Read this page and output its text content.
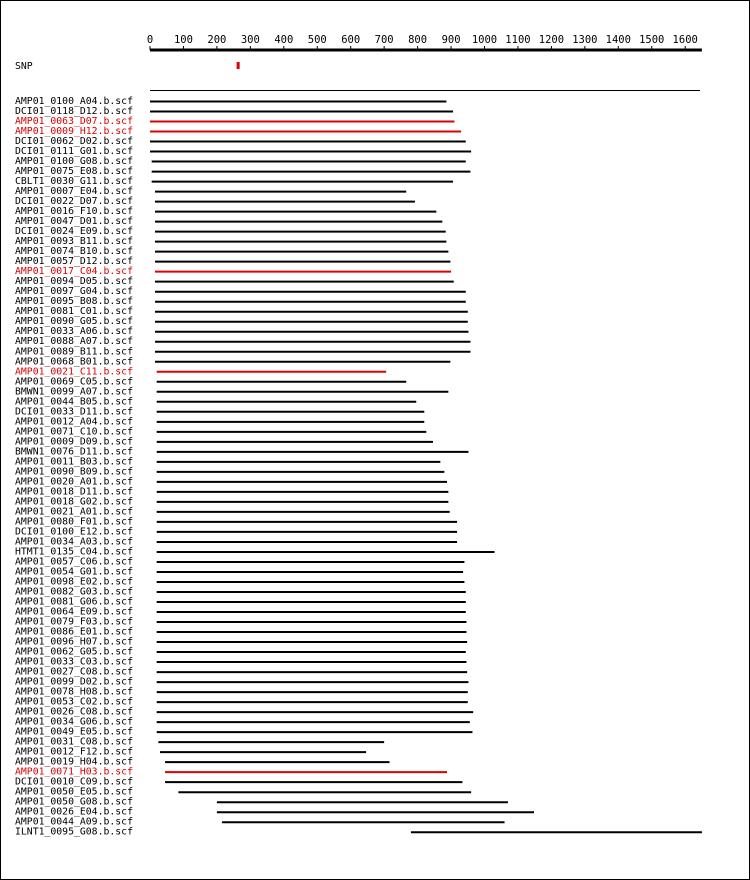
0 100 200 300 400 500 600 700 800 900 1000 1100 1200 1300 1400 1500 1600
SNP
AMP01_0100_A04.b.scf
DCI01_0118_D12.b.scf
AMP01_0063_D07.b.scf
AMP01_0009_H12.b.scf
DCI01_0062_D02.b.scf
DCI01_0111_G01.b.scf
AMP01_0100_G08.b.scf
AMP01_0075_E08.b.scf
CBLT1_0030_G11.b.scf
AMP01_0007_E04.b.scf
DCI01_0022_D07.b.scf
AMP01_0016_F10.b.scf
AMP01_0047_D01.b.scf
DCI01_0024_E09.b.scf
AMP01_0093_B11.b.scf
AMP01_0074_B10.b.scf
AMP01_0057_D12.b.scf
AMP01_0017_C04.b.scf
AMP01_0094_D05.b.scf
AMP01_0097_G04.b.scf
AMP01_0095_B08.b.scf
AMP01_0081_C01.b.scf
AMP01_0090_G05.b.scf
AMP01_0033_A06.b.scf
AMP01_0088_A07.b.scf
AMP01_0089_B11.b.scf
AMP01_0068_B01.b.scf
AMP01_0021_C11.b.scf
AMP01_0069_C05.b.scf
BMWN1_0099_A07.b.scf
AMP01_0044_B05.b.scf
DCI01_0033_D11.b.scf
AMP01_0012_A04.b.scf
AMP01_0071_C10.b.scf
AMP01_0009_D09.b.scf
BMWN1_0076_D11.b.scf
AMP01_0011_B03.b.scf
AMP01_0090_B09.b.scf
AMP01_0020_A01.b.scf
AMP01_0018_D11.b.scf
AMP01_0018_G02.b.scf
AMP01_0021_A01.b.scf
AMP01_0080_F01.b.scf
DCI01_0100_E12.b.scf
AMP01_0034_A03.b.scf
HTMT1_0135_C04.b.scf
AMP01_0057_C06.b.scf
AMP01_0054_G01.b.scf
AMP01_0098_E02.b.scf
AMP01_0082_G03.b.scf
AMP01_0081_G06.b.scf
AMP01_0064_E09.b.scf
AMP01_0079_F03.b.scf
AMP01_0086_E01.b.scf
AMP01_0096_H07.b.scf
AMP01_0062_G05.b.scf
AMP01_0033_C03.b.scf
AMP01_0027_C08.b.scf
AMP01_0099_D02.b.scf
AMP01_0078_H08.b.scf
AMP01_0053_C02.b.scf
AMP01_0026_C08.b.scf
AMP01_0034_G06.b.scf
AMP01_0049_E05.b.scf
AMP01_0031_C08.b.scf
AMP01_0012_F12.b.scf
AMP01_0019_H04.b.scf
AMP01_0071_H03.b.scf
DCI01_0010_C09.b.scf
AMP01_0050_E05.b.scf
AMP01_0050_G08.b.scf
AMP01_0026_E04.b.scf
AMP01_0044_A09.b.scf
ILNT1_0095_G08.b.scf
